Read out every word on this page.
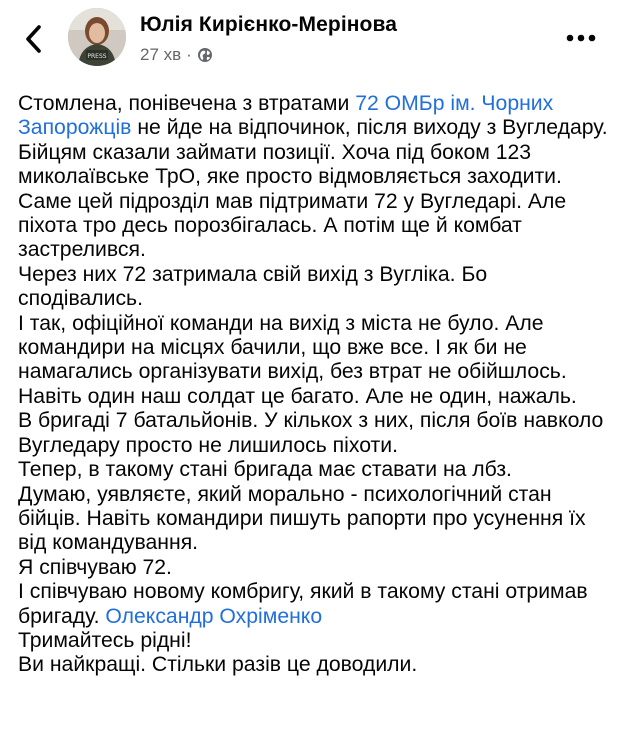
PRESS
Юлія Кирієнко-Мерінова
27 хв ·

Стомлена, понівечена з втратами 72 ОМБр ім. Чорних Запорожців не йде на відпочинок, після виходу з Вугледару.

Бійцям сказали займати позиції. Хоча під боком 123 миколаївське ТрО, яке просто відмовляється заходити. Саме цей підрозділ мав підтримати 72 у Вугледарі. Але піхота тро десь порозбігалась. А потім ще й комбат застрелився.

Через них 72 затримала свій вихід з Вугліка. Бо сподівались.

І так, офіційної команди на вихід з міста не було. Але командири на місцях бачили, що вже все. І як би не намагались організувати вихід, без втрат не обійшлось.

Навіть один наш солдат це багато. Але не один, нажаль.

В бригаді 7 батальйонів. У кількох з них, після боїв навколо Вугледару просто не лишилось піхоти.

Тепер, в такому стані бригада має ставати на лбз.

Думаю, уявляєте, який морально - психологічний стан бійців. Навіть командири пишуть рапорти про усунення їх від командування.

Я співчуваю 72.

І співчуваю новому комбригу, який в такому стані отримав бригаду. Олександр Охріменко

Тримайтесь рідні!

Ви найкращі. Стільки разів це доводили.
